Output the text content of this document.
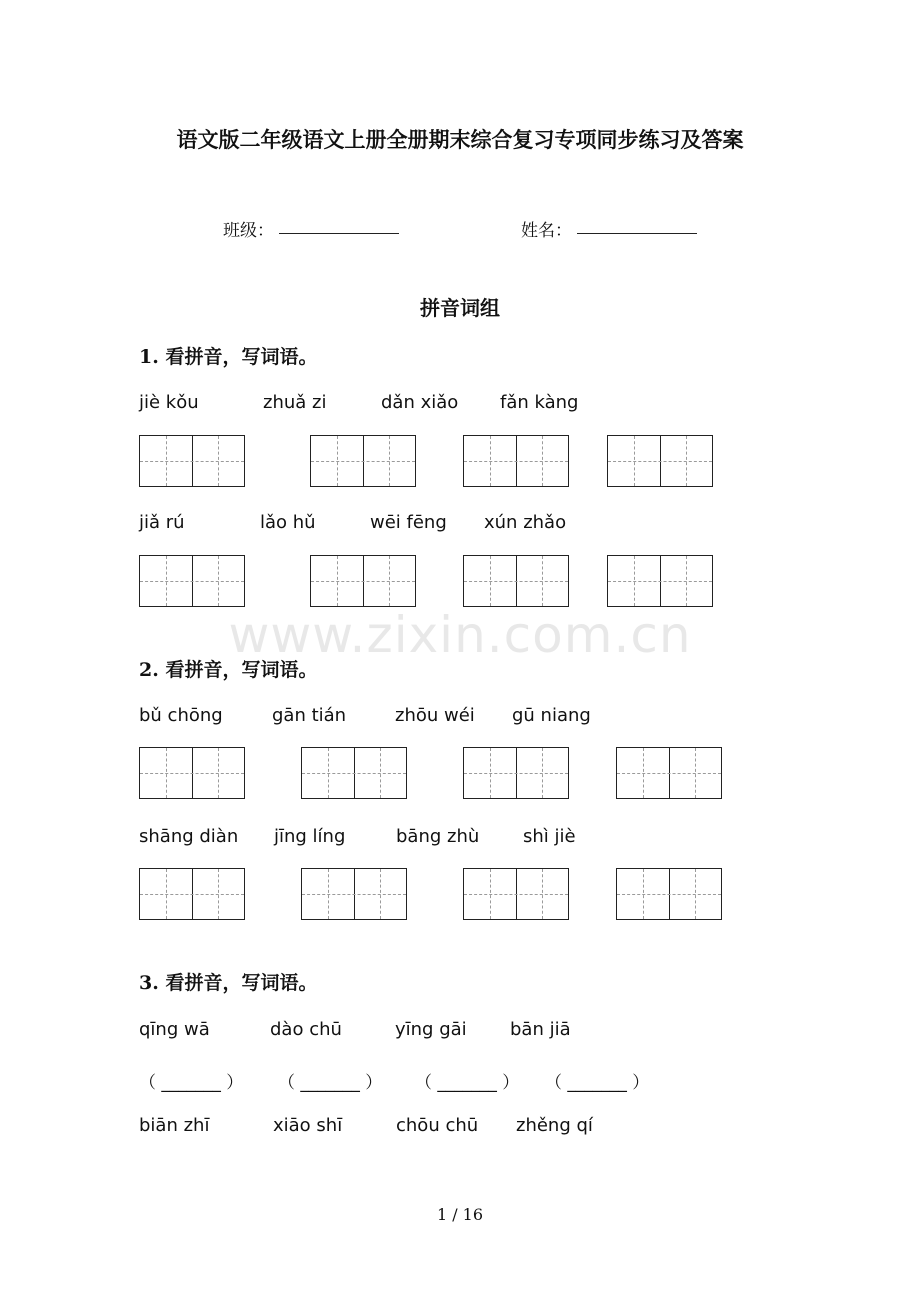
语文版二年级语文上册全册期末综合复习专项同步练习及答案
班级：	姓名：
拼音词组
1. 看拼音，写词语。
jiè kǒu	zhuǎ zi	dǎn xiǎo fǎn kàng
jiǎ rú	lǎo hǔ	wēi fēng xún zhǎo
www.zixin.com.cn
2. 看拼音，写词语。
bǔ chōng	gān tián	zhōu wéi gū niang
shāng diàn jīng líng	bāng zhù shì jiè
3. 看拼音，写词语。
qīng wā	dào chū	yīng gāi bān jiā
（ _______ ） （ _______ ） （ _______ ） （ _______ ）
biān zhī	xiāo shī	chōu chū zhěng qí
1 / 16
